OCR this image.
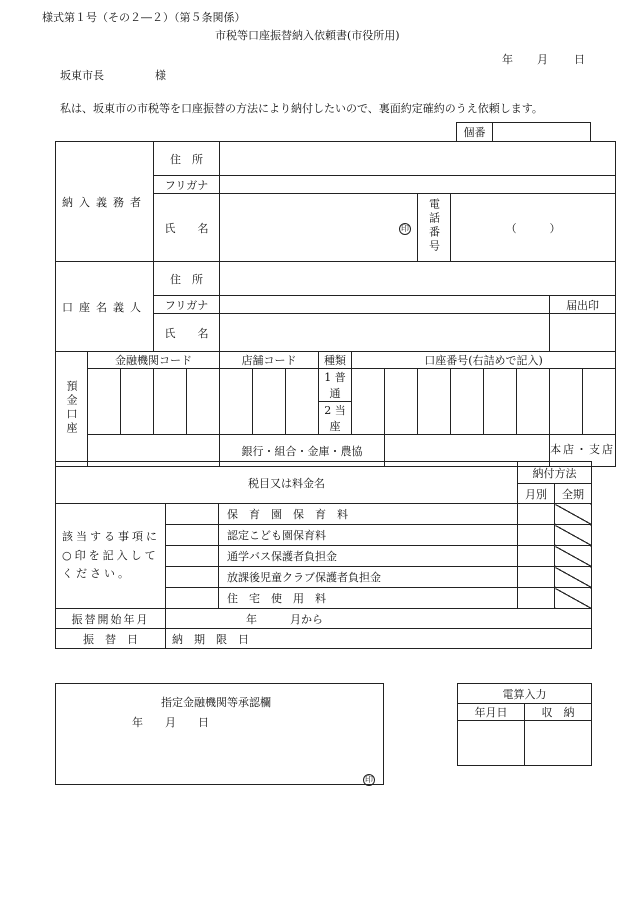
様式第１号（その２―２）（第５条関係）
市税等口座振替納入依頼書(市役所用)
年 月 日
坂東市長	様
私は、坂東市の市税等を口座振替の方法により納付したいので、裏面約定確約のうえ依頼します。
個番	
納入義務者			住　所													
			フリガナ													
			氏　　名		印						電話番号	（　　　）				

口座名義人			住　所													
			フリガナ												届出印	
			氏　　名													
預金口座	金融機関コード				店舗コード			種類	口座番号(右詰めで記入)							
								1 普通								
								2 当座								
					銀行・組合・金庫・農協										本店・支店	
税目又は料金名			納付方法	
			月別	全期
該当する事項に○印を記入してください。		保　育　園　保　育　料		
		認定こども園保育料		
		通学バス保護者負担金		
		放課後児童クラブ保護者負担金		
		住　宅　使　用　料		
振替開始年月	年　　　月から			
振　替　日	納　期　限　日			
指定金融機関等承認欄
年　　月　　日
印
電算入力	
年月日	収　納
